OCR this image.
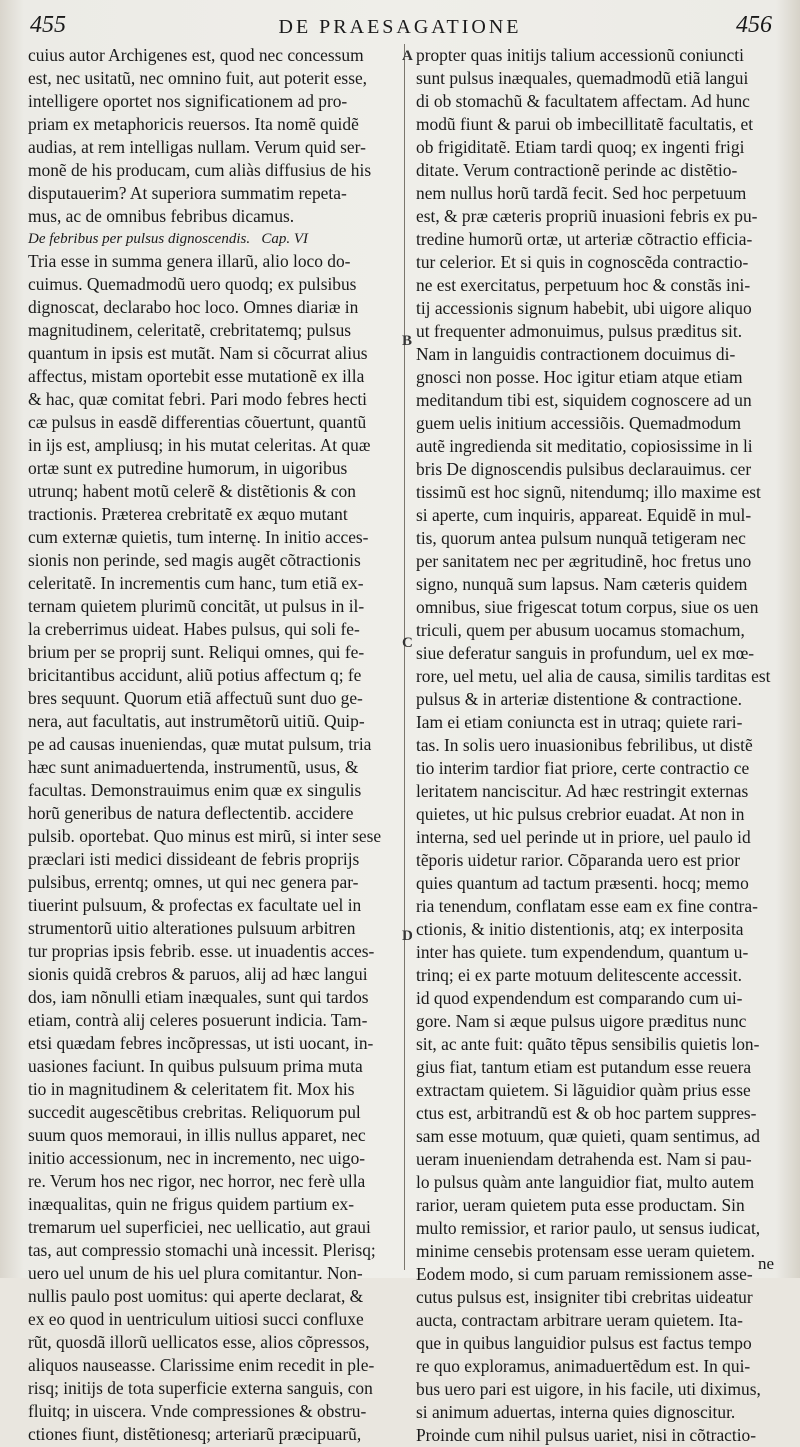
455	DE PRAESAGATIONE	456

cuius autor Archigenes est, quod nec concessum
est, nec usitatũ, nec omnino fuit, aut poterit esse,
intelligere oportet nos significationem ad pro-
priam ex metaphoricis reuersos. Ita nomẽ quidẽ
audias, at rem intelligas nullam. Verum quid ser-
monẽ de his producam, cum aliàs diffusius de his
disputauerim? At superiora summatim repeta-
mus, ac de omnibus febribus dicamus.

De febribus per pulsus dignoscendis.   Cap. VI

Tria esse in summa genera illarũ, alio loco do-
cuimus. Quemadmodũ uero quodq; ex pulsibus
dignoscat, declarabo hoc loco. Omnes diariæ in
magnitudinem, celeritatẽ, crebritatemq; pulsus
quantum in ipsis est mutãt. Nam si cõcurrat alius
affectus, mistam oportebit esse mutationẽ ex illa
& hac, quæ comitat febri. Pari modo febres hecti
cæ pulsus in easdẽ differentias cõuertunt, quantũ
in ijs est, ampliusq; in his mutat celeritas. At quæ
ortæ sunt ex putredine humorum, in uigoribus
utrunq; habent motũ celerẽ & distẽtionis & con
tractionis. Præterea crebritatẽ ex æquo mutant
cum externæ quietis, tum internę. In initio acces-
sionis non perinde, sed magis augẽt cõtractionis
celeritatẽ. In incrementis cum hanc, tum etiã ex-
ternam quietem plurimũ concitãt, ut pulsus in il-
la creberrimus uideat. Habes pulsus, qui soli fe-
brium per se proprij sunt. Reliqui omnes, qui fe-
bricitantibus accidunt, aliũ potius affectum q; fe
bres sequunt. Quorum etiã affectuũ sunt duo ge-
nera, aut facultatis, aut instrumẽtorũ uitiũ. Quip-
pe ad causas inueniendas, quæ mutat pulsum, tria
hæc sunt animaduertenda, instrumentũ, usus, &
facultas. Demonstrauimus enim quæ ex singulis
horũ generibus de natura deflectentib. accidere
pulsib. oportebat. Quo minus est mirũ, si inter sese
præclari isti medici dissideant de febris proprijs
pulsibus, errentq; omnes, ut qui nec genera par-
tiuerint pulsuum, & profectas ex facultate uel in
strumentorũ uitio alterationes pulsuum arbitren
tur proprias ipsis febrib. esse. ut inuadentis acces-
sionis quidã crebros & paruos, alij ad hæc langui
dos, iam nõnulli etiam inæquales, sunt qui tardos
etiam, contrà alij celeres posuerunt indicia. Tam-
etsi quædam febres incõpressas, ut isti uocant, in-
uasiones faciunt. In quibus pulsuum prima muta
tio in magnitudinem & celeritatem fit. Mox his
succedit augescẽtibus crebritas. Reliquorum pul
suum quos memoraui, in illis nullus apparet, nec
initio accessionum, nec in incremento, nec uigo-
re. Verum hos nec rigor, nec horror, nec ferè ulla
inæqualitas, quin ne frigus quidem partium ex-
tremarum uel superficiei, nec uellicatio, aut graui
tas, aut compressio stomachi unà incessit. Plerisq;
uero uel unum de his uel plura comitantur. Non-
nullis paulo post uomitus: qui aperte declarat, &
ex eo quod in uentriculum uitiosi succi confluxe
rũt, quosdã illorũ uellicatos esse, alios cõpressos,
aliquos nauseasse. Clarissime enim recedit in ple-
risq; initijs de tota superficie externa sanguis, con
fluitq; in uiscera. Vnde compressiones & obstru-
ctiones fiunt, distẽtionesq; arteriarũ præcipuarũ,

A
B
C
D

propter quas initijs talium accessionũ coniuncti
sunt pulsus inæquales, quemadmodũ etiã langui
di ob stomachũ & facultatem affectam. Ad hunc
modũ fiunt & parui ob imbecillitatẽ facultatis, et
ob frigiditatẽ. Etiam tardi quoq; ex ingenti frigi
ditate. Verum contractionẽ perinde ac distẽtio-
nem nullus horũ tardã fecit. Sed hoc perpetuum
est, & præ cæteris propriũ inuasioni febris ex pu-
tredine humorũ ortæ, ut arteriæ cõtractio efficia-
tur celerior. Et si quis in cognoscẽda contractio-
ne est exercitatus, perpetuum hoc & constãs ini-
tij accessionis signum habebit, ubi uigore aliquo
ut frequenter admonuimus, pulsus præditus sit.
Nam in languidis contractionem docuimus di-
gnosci non posse. Hoc igitur etiam atque etiam
meditandum tibi est, siquidem cognoscere ad un
guem uelis initium accessiõis. Quemadmodum
autẽ ingredienda sit meditatio, copiosissime in li
bris De dignoscendis pulsibus declarauimus. cer
tissimũ est hoc signũ, nitendumq; illo maxime est
si aperte, cum inquiris, appareat. Equidẽ in mul-
tis, quorum antea pulsum nunquã tetigeram nec
per sanitatem nec per ægritudinẽ, hoc fretus uno
signo, nunquã sum lapsus. Nam cæteris quidem
omnibus, siue frigescat totum corpus, siue os uen
triculi, quem per abusum uocamus stomachum,
siue deferatur sanguis in profundum, uel ex mœ-
rore, uel metu, uel alia de causa, similis tarditas est
pulsus & in arteriæ distentione & contractione.
Iam ei etiam coniuncta est in utraq; quiete rari-
tas. In solis uero inuasionibus febrilibus, ut distẽ
tio interim tardior fiat priore, certe contractio ce
leritatem nanciscitur. Ad hæc restringit externas
quietes, ut hic pulsus crebrior euadat. At non in
interna, sed uel perinde ut in priore, uel paulo id
tẽporis uidetur rarior. Cõparanda uero est prior
quies quantum ad tactum præsenti. hocq; memo
ria tenendum, conflatam esse eam ex fine contra-
ctionis, & initio distentionis, atq; ex interposita
inter has quiete. tum expendendum, quantum u-
trinq; ei ex parte motuum delitescente accessit.
id quod expendendum est comparando cum ui-
gore. Nam si æque pulsus uigore præditus nunc
sit, ac ante fuit: quãto tẽpus sensibilis quietis lon-
gius fiat, tantum etiam est putandum esse reuera
extractam quietem. Si lãguidior quàm prius esse
ctus est, arbitrandũ est & ob hoc partem suppres-
sam esse motuum, quæ quieti, quam sentimus, ad
ueram inueniendam detrahenda est. Nam si pau-
lo pulsus quàm ante languidior fiat, multo autem
rarior, ueram quietem puta esse productam. Sin
multo remissior, et rarior paulo, ut sensus iudicat,
minime censebis protensam esse ueram quietem.
Eodem modo, si cum paruam remissionem asse-
cutus pulsus est, insigniter tibi crebritas uideatur
aucta, contractam arbitrare ueram quietem. Ita-
que in quibus languidior pulsus est factus tempo
re quo exploramus, animaduertẽdum est. In qui-
bus uero pari est uigore, in his facile, uti diximus,
si animum aduertas, interna quies dignoscitur.
Proinde cum nihil pulsus uariet, nisi in cõtractio-

ne
